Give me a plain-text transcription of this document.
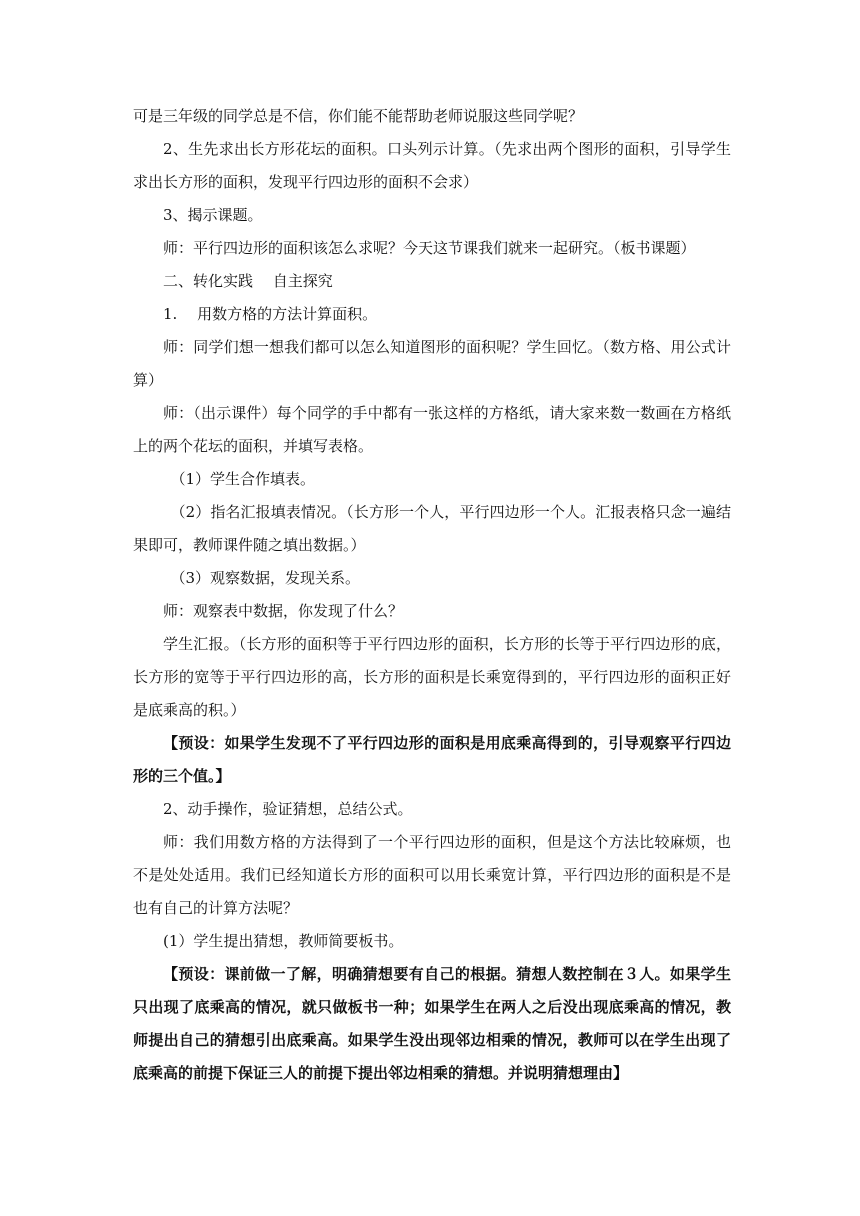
可是三年级的同学总是不信，你们能不能帮助老师说服这些同学呢？

2、生先求出长方形花坛的面积。口头列示计算。（先求出两个图形的面积，引导学生求出长方形的面积，发现平行四边形的面积不会求）

3、揭示课题。

师：平行四边形的面积该怎么求呢？今天这节课我们就来一起研究。（板书课题）

二、转化实践　 自主探究

1.　 用数方格的方法计算面积。

师：同学们想一想我们都可以怎么知道图形的面积呢？学生回忆。（数方格、用公式计算）

师：（出示课件）每个同学的手中都有一张这样的方格纸，请大家来数一数画在方格纸上的两个花坛的面积，并填写表格。

（1）学生合作填表。

（2）指名汇报填表情况。（长方形一个人，平行四边形一个人。汇报表格只念一遍结果即可，教师课件随之填出数据。）

（3）观察数据，发现关系。

师：观察表中数据，你发现了什么？

学生汇报。（长方形的面积等于平行四边形的面积，长方形的长等于平行四边形的底，长方形的宽等于平行四边形的高，长方形的面积是长乘宽得到的，平行四边形的面积正好是底乘高的积。）

【预设：如果学生发现不了平行四边形的面积是用底乘高得到的，引导观察平行四边形的三个值。】

2、动手操作，验证猜想，总结公式。

师：我们用数方格的方法得到了一个平行四边形的面积，但是这个方法比较麻烦，也不是处处适用。我们已经知道长方形的面积可以用长乘宽计算，平行四边形的面积是不是也有自己的计算方法呢？

(1）学生提出猜想，教师简要板书。

【预设：课前做一了解，明确猜想要有自己的根据。猜想人数控制在３人。如果学生只出现了底乘高的情况，就只做板书一种；如果学生在两人之后没出现底乘高的情况，教师提出自己的猜想引出底乘高。如果学生没出现邻边相乘的情况，教师可以在学生出现了底乘高的前提下保证三人的前提下提出邻边相乘的猜想。并说明猜想理由】
